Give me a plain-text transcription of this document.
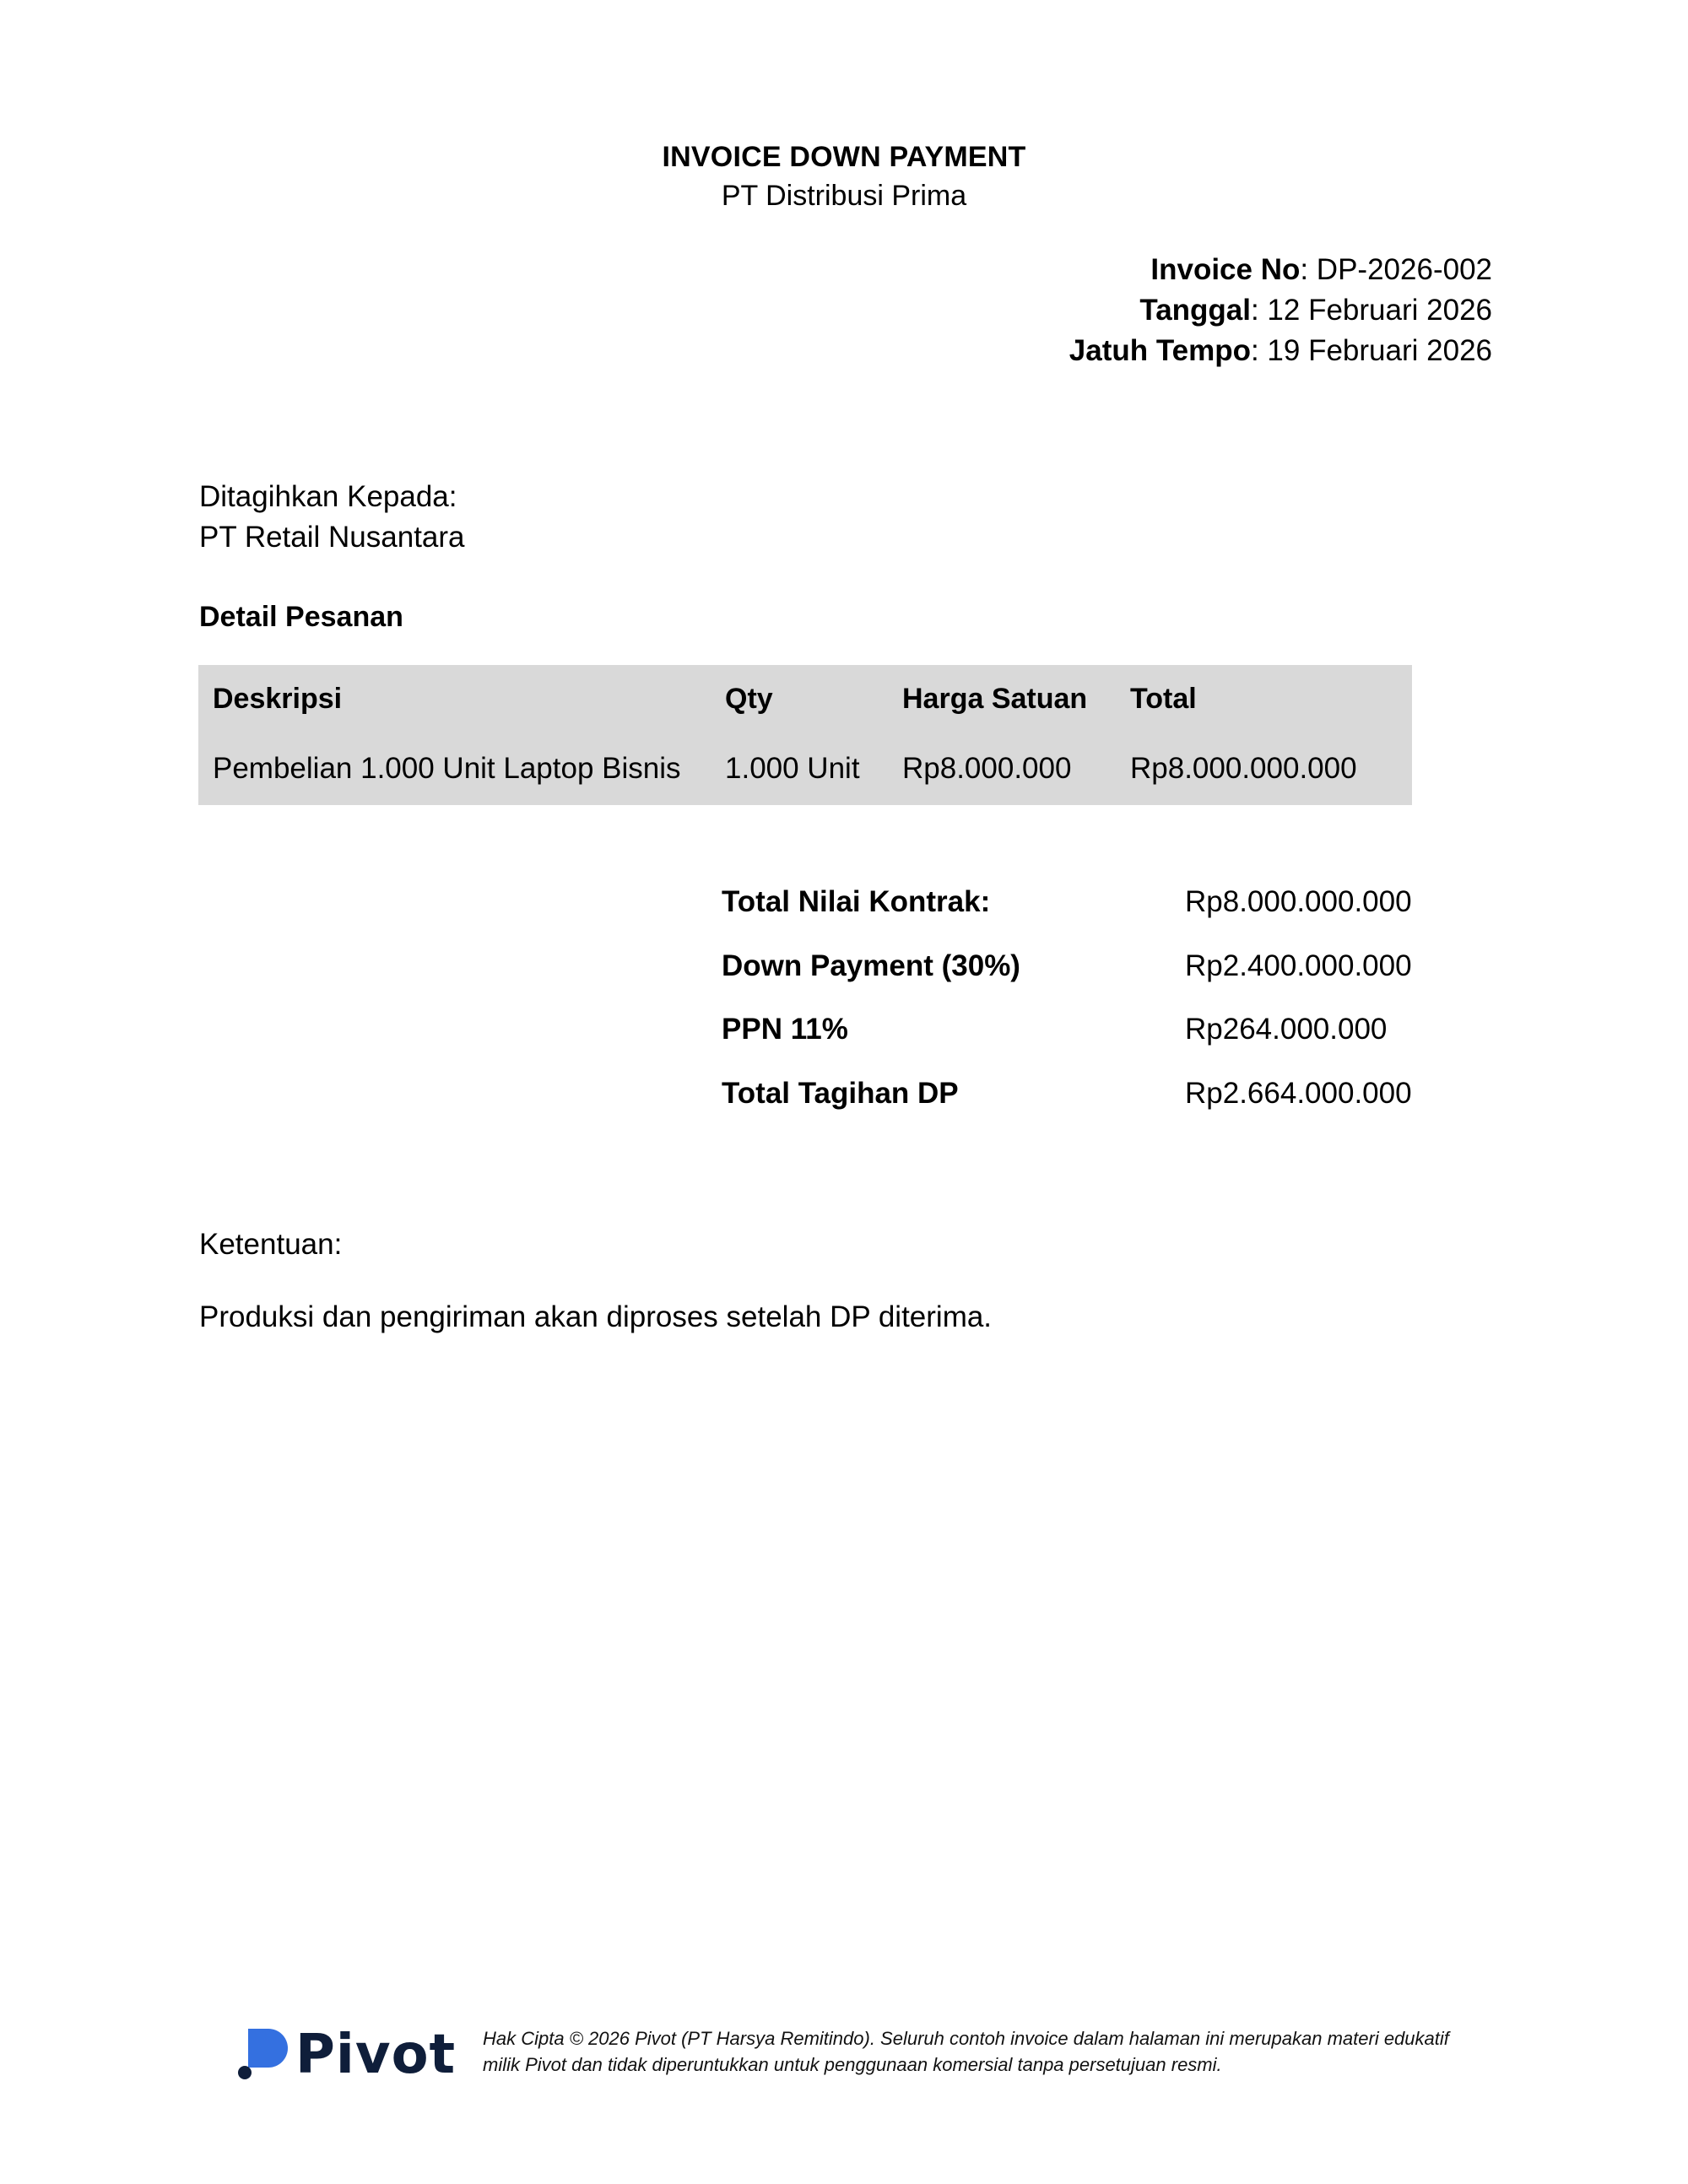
INVOICE DOWN PAYMENT
PT Distribusi Prima
Invoice No: DP-2026-002
Tanggal: 12 Februari 2026
Jatuh Tempo: 19 Februari 2026
Ditagihkan Kepada:
PT Retail Nusantara
Detail Pesanan
Deskripsi	Qty	Harga Satuan	Total
Pembelian 1.000 Unit Laptop Bisnis	1.000 Unit	Rp8.000.000	Rp8.000.000.000
Total Nilai Kontrak:	Rp8.000.000.000
Down Payment (30%)	Rp2.400.000.000
PPN 11%	Rp264.000.000
Total Tagihan DP	Rp2.664.000.000
Ketentuan:
Produksi dan pengiriman akan diproses setelah DP diterima.
Pivot Hak Cipta © 2026 Pivot (PT Harsya Remitindo). Seluruh contoh invoice dalam halaman ini merupakan materi edukatif
milik Pivot dan tidak diperuntukkan untuk penggunaan komersial tanpa persetujuan resmi.
